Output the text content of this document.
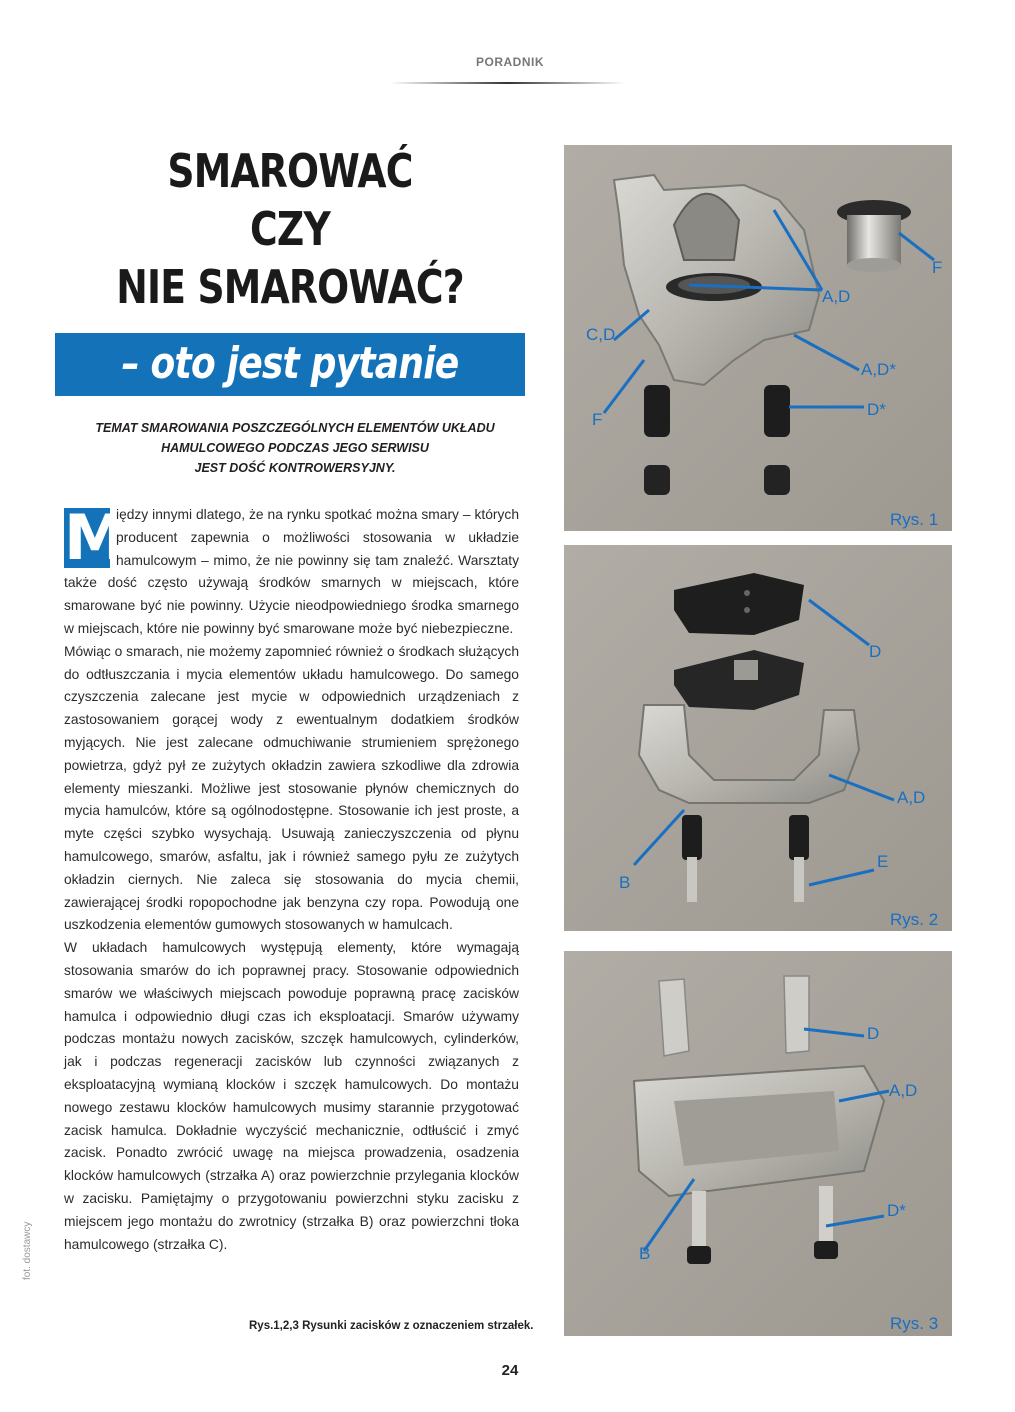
PORADNIK
SMAROWAĆ
CZY
NIE SMAROWAĆ?
– oto jest pytanie
TEMAT SMAROWANIA POSZCZEGÓLNYCH ELEMENTÓW UKŁADU
HAMULCOWEGO PODCZAS JEGO SERWISU
JEST DOŚĆ KONTROWERSYJNY.
M

iędzy innymi dlatego, że na rynku spotkać można smary – których producent zapewnia o możliwości stosowania w układzie hamulcowym – mimo, że nie powinny się tam znaleźć. Warsztaty także dość często używają środków smarnych w miejscach, które smarowane być nie powinny. Użycie nieodpowiedniego środka smarnego w miejscach, które nie powinny być smarowane może być niebezpieczne.

Mówiąc o smarach, nie możemy zapomnieć również o środkach służących do odtłuszczania i mycia elementów układu hamulcowego. Do samego czyszczenia zalecane jest mycie w odpowiednich urządzeniach z zastosowaniem gorącej wody z ewentualnym dodatkiem środków myjących. Nie jest zalecane odmuchiwanie strumieniem sprężonego powietrza, gdyż pył ze zużytych okładzin zawiera szkodliwe dla zdrowia elementy mieszanki. Możliwe jest stosowanie płynów chemicznych do mycia hamulców, które są ogólnodostępne. Stosowanie ich jest proste, a myte części szybko wysychają. Usuwają zanieczyszczenia od płynu hamulcowego, smarów, asfaltu, jak i również samego pyłu ze zużytych okładzin ciernych. Nie zaleca się stosowania do mycia chemii, zawierającej środki ropopochodne jak benzyna czy ropa. Powodują one uszkodzenia elementów gumowych stosowanych w hamulcach.

W układach hamulcowych występują elementy, które wymagają stosowania smarów do ich poprawnej pracy. Stosowanie odpowiednich smarów we właściwych miejscach powoduje poprawną pracę zacisków hamulca i odpowiednio długi czas ich eksploatacji. Smarów używamy podczas montażu nowych zacisków, szczęk hamulcowych, cylinderków, jak i podczas regeneracji zacisków lub czynności związanych z eksploatacyjną wymianą klocków i szczęk hamulcowych. Do montażu nowego zestawu klocków hamulcowych musimy starannie przygotować zacisk hamulca. Dokładnie wyczyścić mechanicznie, odtłuścić i zmyć zacisk. Ponadto zwrócić uwagę na miejsca prowadzenia, osadzenia klocków hamulcowych (strzałka A) oraz powierzchnie przylegania klocków w zacisku. Pamiętajmy o przygotowaniu powierzchni styku zacisku z miejscem jego montażu do zwrotnicy (strzałka B) oraz powierzchni tłoka hamulcowego (strzałka C).

fot. dostawcy
Rys.1,2,3 Rysunki zacisków z oznaczeniem strzałek.
24
F
A,D
C,D
A,D*
F
D*
Rys. 1
D
A,D
E
B
Rys. 2
D
A,D
D*
B
Rys. 3
